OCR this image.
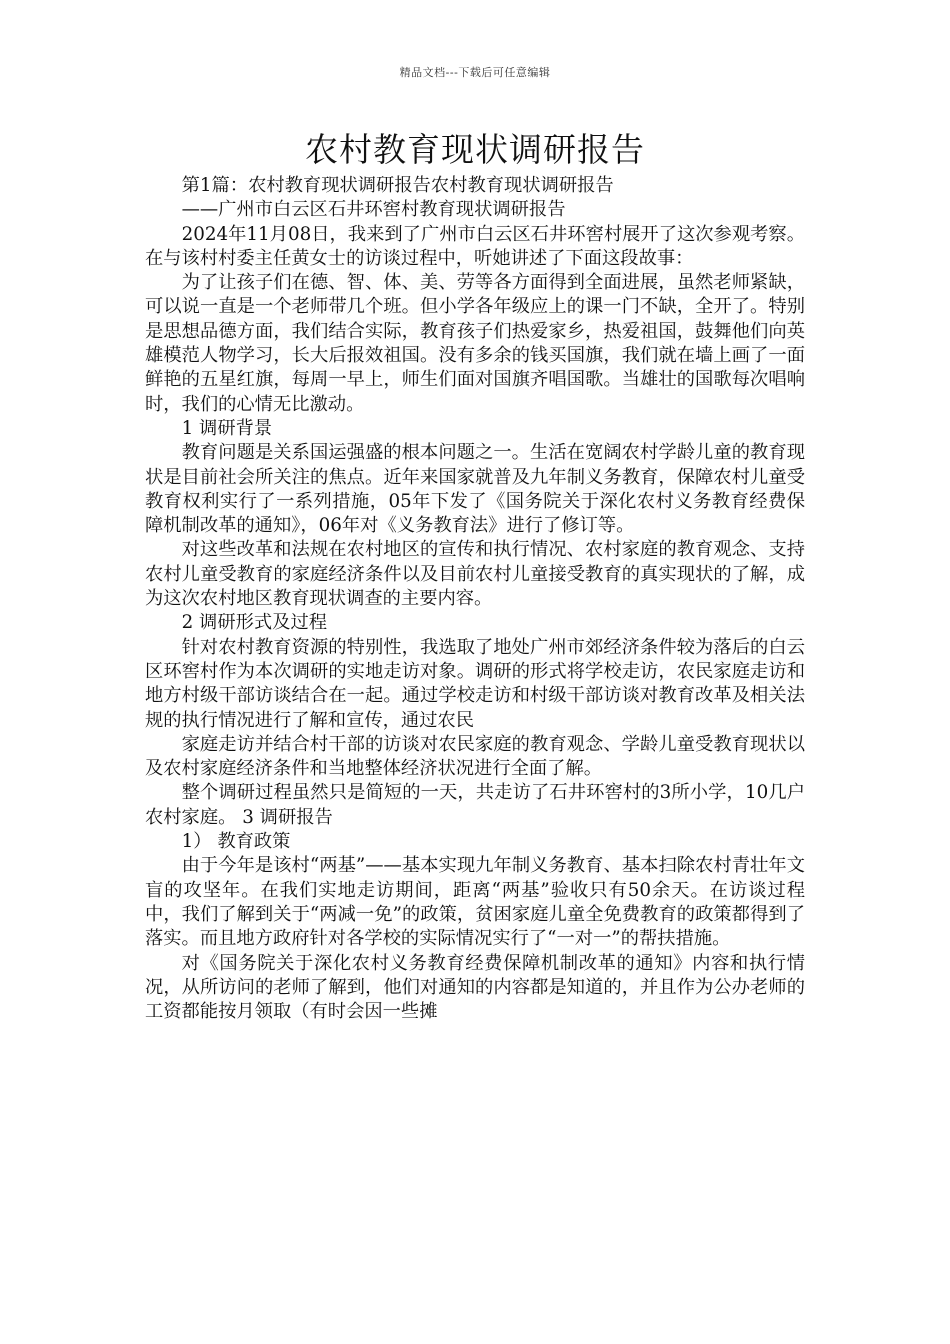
精品文档---下载后可任意编辑
农村教育现状调研报告

第1篇：农村教育现状调研报告农村教育现状调研报告

——广州市白云区石井环窖村教育现状调研报告

2024年11月08日，我来到了广州市白云区石井环窖村展开了这次参观考察。在与该村村委主任黄女士的访谈过程中，听她讲述了下面这段故事：

为了让孩子们在德、智、体、美、劳等各方面得到全面进展，虽然老师紧缺，可以说一直是一个老师带几个班。但小学各年级应上的课一门不缺，全开了。特别是思想品德方面，我们结合实际，教育孩子们热爱家乡，热爱祖国，鼓舞他们向英雄模范人物学习，长大后报效祖国。没有多余的钱买国旗，我们就在墙上画了一面鲜艳的五星红旗，每周一早上，师生们面对国旗齐唱国歌。当雄壮的国歌每次唱响时，我们的心情无比激动。

1 调研背景

教育问题是关系国运强盛的根本问题之一。生活在宽阔农村学龄儿童的教育现状是目前社会所关注的焦点。近年来国家就普及九年制义务教育，保障农村儿童受教育权利实行了一系列措施，05年下发了《国务院关于深化农村义务教育经费保障机制改革的通知》，06年对《义务教育法》进行了修订等。

对这些改革和法规在农村地区的宣传和执行情况、农村家庭的教育观念、支持农村儿童受教育的家庭经济条件以及目前农村儿童接受教育的真实现状的了解，成为这次农村地区教育现状调查的主要内容。

2 调研形式及过程

针对农村教育资源的特别性，我选取了地处广州市郊经济条件较为落后的白云区环窖村作为本次调研的实地走访对象。调研的形式将学校走访，农民家庭走访和地方村级干部访谈结合在一起。通过学校走访和村级干部访谈对教育改革及相关法规的执行情况进行了解和宣传，通过农民

家庭走访并结合村干部的访谈对农民家庭的教育观念、学龄儿童受教育现状以及农村家庭经济条件和当地整体经济状况进行全面了解。

整个调研过程虽然只是简短的一天，共走访了石井环窖村的3所小学，10几户农村家庭。 3 调研报告

1） 教育政策

由于今年是该村“两基”——基本实现九年制义务教育、基本扫除农村青壮年文盲的攻坚年。在我们实地走访期间，距离“两基”验收只有50余天。在访谈过程中，我们了解到关于“两减一免”的政策，贫困家庭儿童全免费教育的政策都得到了落实。而且地方政府针对各学校的实际情况实行了“一对一”的帮扶措施。

对《国务院关于深化农村义务教育经费保障机制改革的通知》内容和执行情况，从所访问的老师了解到，他们对通知的内容都是知道的，并且作为公办老师的工资都能按月领取（有时会因一些摊
